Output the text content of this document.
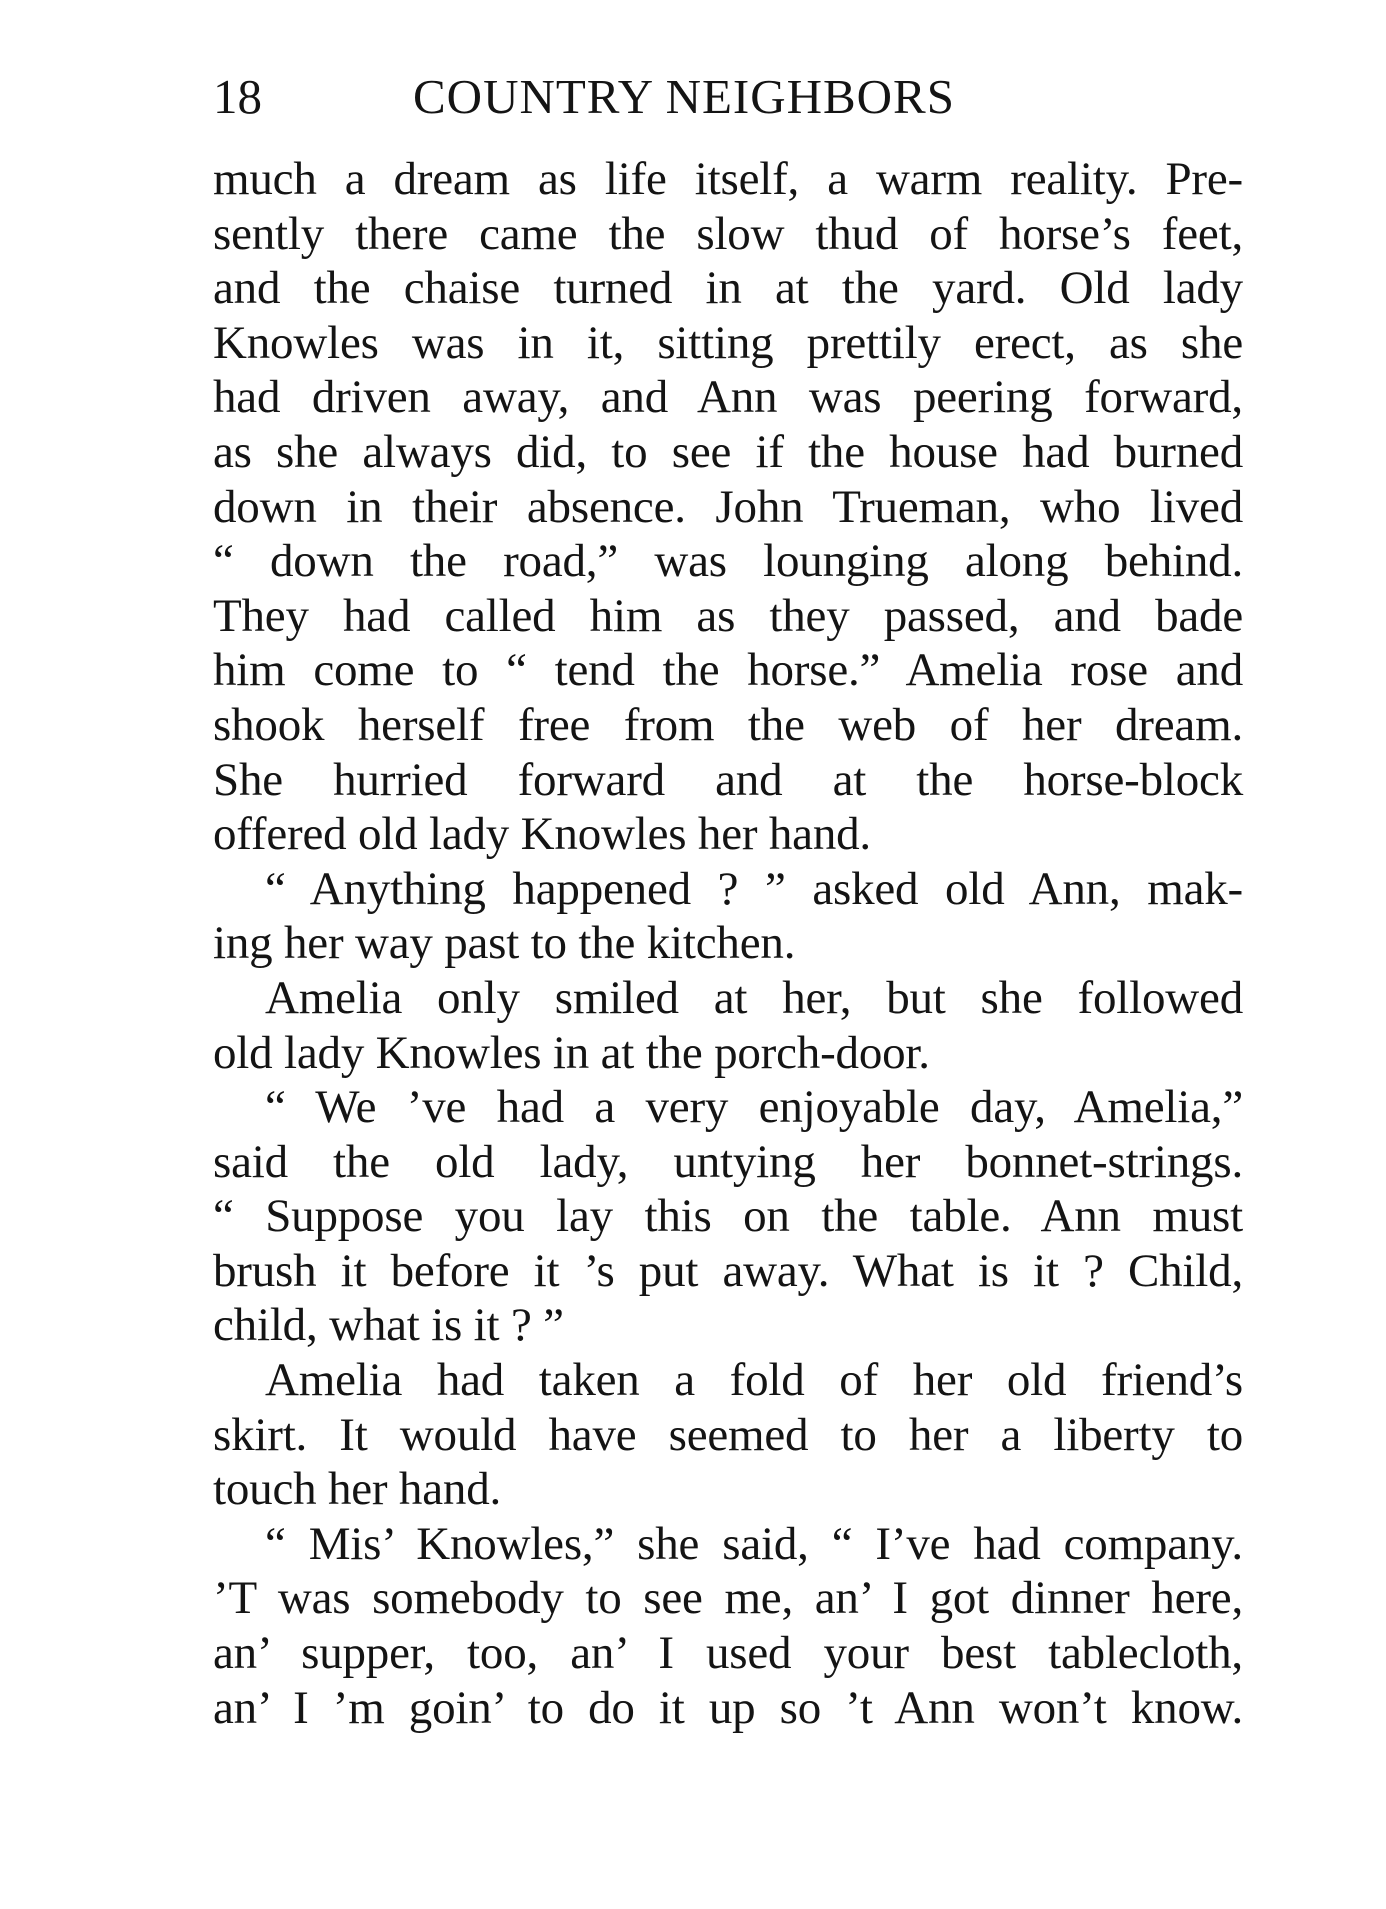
18	COUNTRY NEIGHBORS
much a dream as life itself, a warm reality. Pre-
sently there came the slow thud of horse’s feet,
and the chaise turned in at the yard. Old lady
Knowles was in it, sitting prettily erect, as she
had driven away, and Ann was peering forward,
as she always did, to see if the house had burned
down in their absence. John Trueman, who lived
“ down the road,” was lounging along behind.
They had called him as they passed, and bade
him come to “ tend the horse.” Amelia rose and
shook herself free from the web of her dream.
She hurried forward and at the horse-block
offered old lady Knowles her hand.
“ Anything happened ? ” asked old Ann, mak-
ing her way past to the kitchen.
Amelia only smiled at her, but she followed
old lady Knowles in at the porch-door.
“ We ’ve had a very enjoyable day, Amelia,”
said the old lady, untying her bonnet-strings.
“ Suppose you lay this on the table. Ann must
brush it before it ’s put away. What is it ? Child,
child, what is it ? ”
Amelia had taken a fold of her old friend’s
skirt. It would have seemed to her a liberty to
touch her hand.
“ Mis’ Knowles,” she said, “ I’ve had company.
’T was somebody to see me, an’ I got dinner here,
an’ supper, too, an’ I used your best tablecloth,
an’ I ’m goin’ to do it up so ’t Ann won’t know.
